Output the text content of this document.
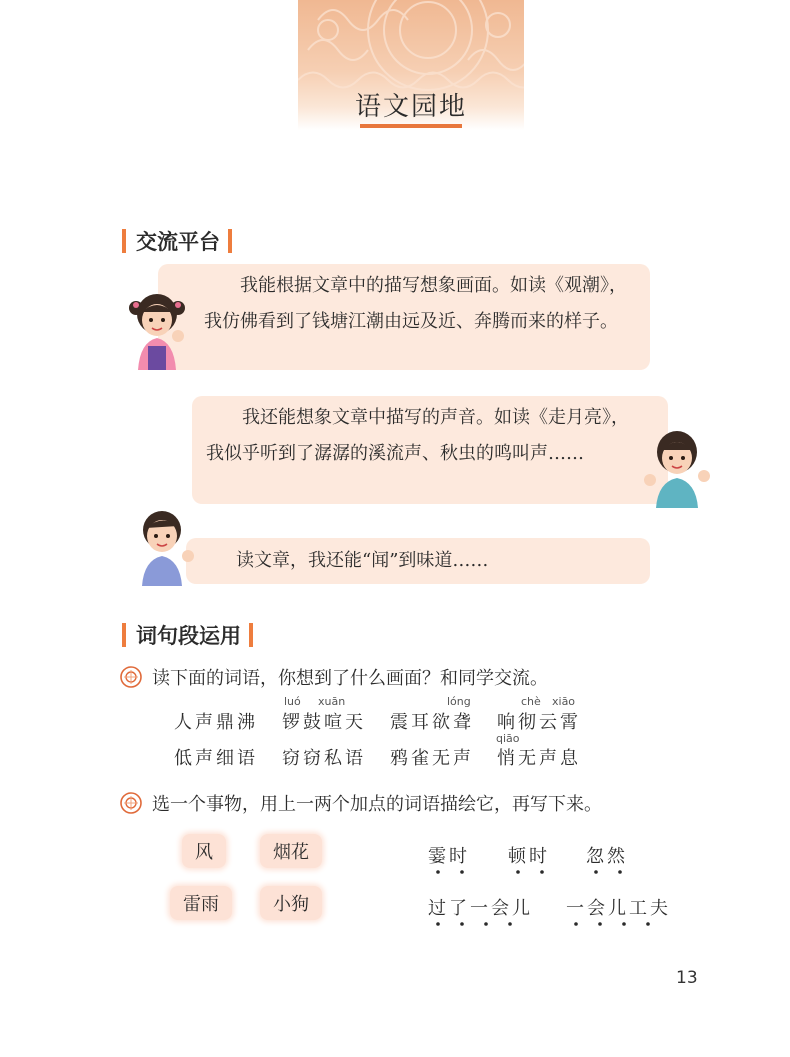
语文园地
交流平台

我能根据文章中的描写想象画面。如读《观潮》，我仿佛看到了钱塘江潮由远及近、奔腾而来的样子。

我还能想象文章中描写的声音。如读《走月亮》，我似乎听到了潺潺的溪流声、秋虫的鸣叫声……

读文章，我还能“闻”到味道……

词句段运用
读下面的词语，你想到了什么画面？和同学交流。
luó xuān	lóng	chè xiāo
qiāo
人声鼎沸 锣鼓喧天 震耳欲聋 响彻云霄
低声细语 窃窃私语 鸦雀无声 悄无声息
选一个事物，用上一两个加点的词语描绘它，再写下来。
风	烟花
雷雨	小狗
霎时 顿时 忽然
过了一会儿 一会儿工夫
13
